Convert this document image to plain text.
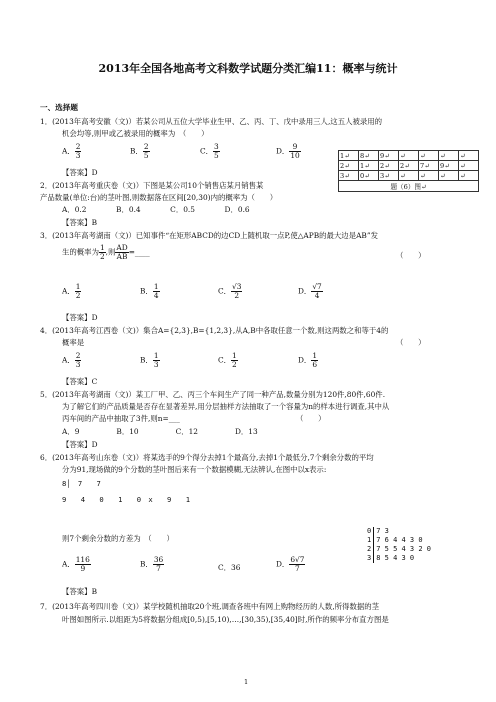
2013年全国各地高考文科数学试题分类汇编11：概率与统计
一、选择题
1．(2013年高考安徽（文)）若某公司从五位大学毕业生甲、乙、丙、丁、戊中录用三人,这五人被录用的
机会均等,则甲或乙被录用的概率为　（　　）
A． $\frac{2}{3}$	B． $\frac{2}{5}$	C． $\frac{3}{5}$	D． $\frac{9}{10}$
【答案】D
1↵	8↵	9↵	↵	↵	↵	↵
2↵	1↵	2↵	2↵	7↵	9↵	↵
3↵	0↵	3↵	↵	↵	↵	↵
题（6）图↵						
2．(2013年高考重庆卷（文)）下图是某公司10个销售店某月销售某
产品数量(单位:台)的茎叶图,则数据落在区间[20,30)内的概率为（　　）
A．0.2　　　　B．0.4　　　　C．0.5　　　　D．0.6
【答案】B
3．(2013年高考湖南（文)）已知事件“在矩形ABCD的边CD上随机取一点P,使△APB的最大边是AB”发
生的概率为 $\frac{1}{2}$ ,则 $\frac{AD}{AB}$ =____	（　　）
A． $\frac{1}{2}$	B． $\frac{1}{4}$	C． $\frac{√3}{2}$	D． $\frac{√7}{4}$
【答案】D
4．(2013年高考江西卷（文)）集合A={2,3},B={1,2,3},从A,B中各取任意一个数,则这两数之和等于4的
概率是	（　　）
A． $\frac{2}{3}$	B． $\frac{1}{3}$	C． $\frac{1}{2}$	D． $\frac{1}{6}$
【答案】C
5．(2013年高考湖南（文)）某工厂甲、乙、丙三个车间生产了同一种产品,数量分别为120件,80件,60件.
为了解它们的产品质量是否存在显著差异,用分层抽样方法抽取了一个容量为n的样本进行调查,其中从
丙车间的产品中抽取了3件,则n=___	（　　）
A．9　　　　　B．10　　　　　C．12　　　　　D．13
【答案】D
6．(2013年高考山东卷（文)）将某选手的9个得分去掉1个最高分,去掉1个最低分,7个剩余分数的平均
分为91,现场做的9个分数的茎叶图后来有一个数据模糊,无法辨认,在图中以x表示:
8│　7　　7
9　　4　　0　　1　　0　x　　9　　1
则7个剩余分数的方差为　（　　）
A． $\frac{116}{9}$	B． $\frac{36}{7}$	C．36	D． $\frac{6√7}{7}$
【答案】B
0	7 3
1	7 6 4 4 3 0
2	7 5 5 4 3 2 0
3	8 5 4 3 0
7．(2013年高考四川卷（文)）某学校随机抽取20个班,调查各班中有网上购物经历的人数,所得数据的茎
叶图如图所示.以组距为5将数据分组成[0,5),[5,10),…,[30,35),[35,40]时,所作的频率分布直方图是
1
